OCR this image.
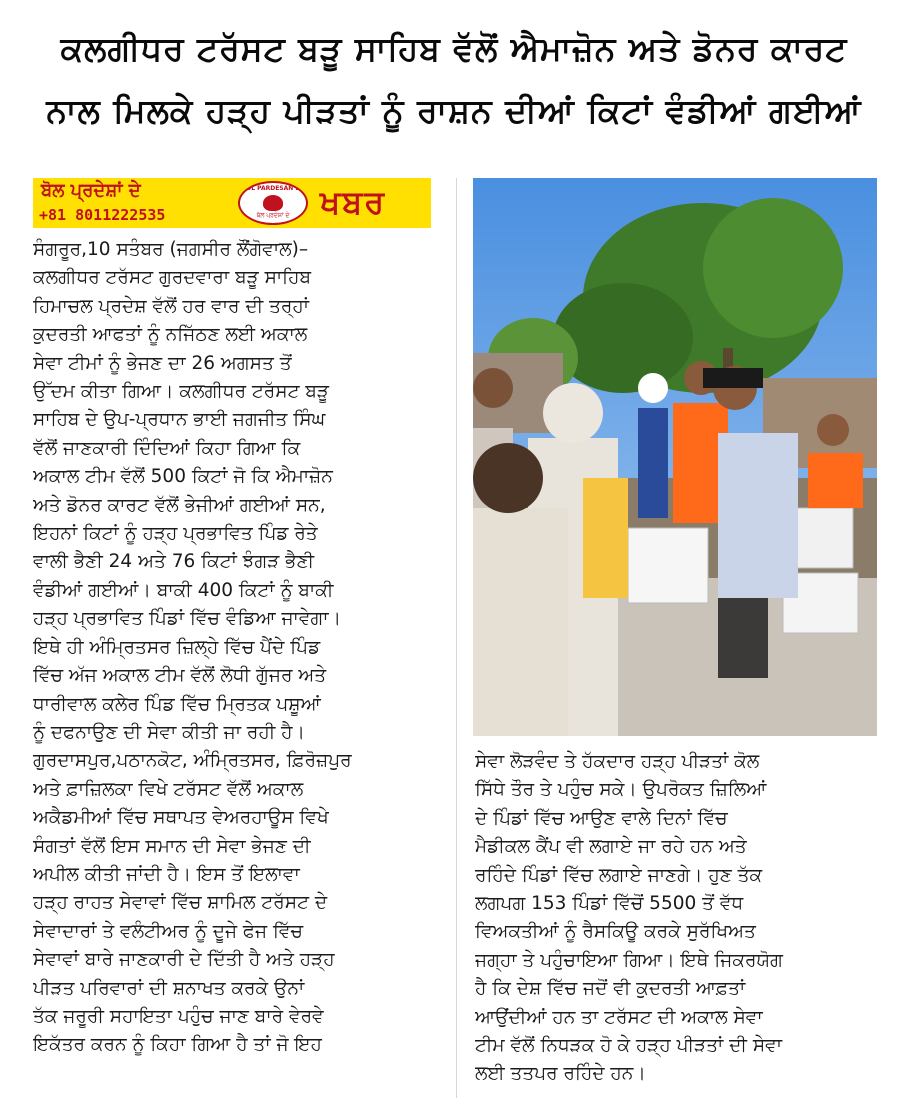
ਕਲਗੀਧਰ ਟਰੱਸਟ ਬੜੂ ਸਾਹਿਬ ਵੱਲੋਂ ਐਮਾਜ਼ੋਨ ਅਤੇ ਡੋਨਰ ਕਾਰਟ
ਨਾਲ ਮਿਲਕੇ ਹੜ੍ਹ ਪੀੜਤਾਂ ਨੂੰ ਰਾਸ਼ਨ ਦੀਆਂ ਕਿਟਾਂ ਵੰਡੀਆਂ ਗਈਆਂ
ਬੋਲ ਪ੍ਰਦੇਸ਼ਾਂ ਦੇ
+81 8011222535
BOL PARDESAN DE
ਬੋਲ ਪ੍ਰਦੇਸ਼ਾਂ ਦੇ ਖਬਰ
ਸੰਗਰੂਰ,10 ਸਤੰਬਰ (ਜਗਸੀਰ ਲੌਂਗੋਵਾਲ)–
ਕਲਗੀਧਰ ਟਰੱਸਟ ਗੁਰਦਵਾਰਾ ਬੜੂ ਸਾਹਿਬ
ਹਿਮਾਚਲ ਪ੍ਰਦੇਸ਼ ਵੱਲੋਂ ਹਰ ਵਾਰ ਦੀ ਤਰ੍ਹਾਂ
ਕੁਦਰਤੀ ਆਫਤਾਂ ਨੂੰ ਨਜਿੱਠਣ ਲਈ ਅਕਾਲ
ਸੇਵਾ ਟੀਮਾਂ ਨੂੰ ਭੇਜਣ ਦਾ 26 ਅਗਸਤ ਤੋਂ
ਉੱਦਮ ਕੀਤਾ ਗਿਆ। ਕਲਗੀਧਰ ਟਰੱਸਟ ਬੜੂ
ਸਾਹਿਬ ਦੇ ਉਪ-ਪ੍ਰਧਾਨ ਭਾਈ ਜਗਜੀਤ ਸਿੰਘ
ਵੱਲੋਂ ਜਾਣਕਾਰੀ ਦਿੰਦਿਆਂ ਕਿਹਾ ਗਿਆ ਕਿ
ਅਕਾਲ ਟੀਮ ਵੱਲੋਂ 500 ਕਿਟਾਂ ਜੋ ਕਿ ਐਮਾਜ਼ੋਨ
ਅਤੇ ਡੋਨਰ ਕਾਰਟ ਵੱਲੋਂ ਭੇਜੀਆਂ ਗਈਆਂ ਸਨ,
ਇਹਨਾਂ ਕਿਟਾਂ ਨੂੰ ਹੜ੍ਹ ਪ੍ਰਭਾਵਿਤ ਪਿੰਡ ਰੇਤੇ
ਵਾਲੀ ਭੈਣੀ 24 ਅਤੇ 76 ਕਿਟਾਂ ਝੰਗੜ ਭੈਣੀ
ਵੰਡੀਆਂ ਗਈਆਂ। ਬਾਕੀ 400 ਕਿਟਾਂ ਨੂੰ ਬਾਕੀ
ਹੜ੍ਹ ਪ੍ਰਭਾਵਿਤ ਪਿੰਡਾਂ ਵਿੱਚ ਵੰਡਿਆ ਜਾਵੇਗਾ।
ਇਥੇ ਹੀ ਅੰਮ੍ਰਿਤਸਰ ਜ਼ਿਲ੍ਹੇ ਵਿੱਚ ਪੈਂਦੇ ਪਿੰਡ
ਵਿੱਚ ਅੱਜ ਅਕਾਲ ਟੀਮ ਵੱਲੋਂ ਲੋਧੀ ਗੁੱਜਰ ਅਤੇ
ਧਾਰੀਵਾਲ ਕਲੇਰ ਪਿੰਡ ਵਿੱਚ ਮ੍ਰਿਤਕ ਪਸ਼ੂਆਂ
ਨੂੰ ਦਫਨਾਉਣ ਦੀ ਸੇਵਾ ਕੀਤੀ ਜਾ ਰਹੀ ਹੈ।
ਗੁਰਦਾਸਪੁਰ,ਪਠਾਨਕੋਟ, ਅੰਮ੍ਰਿਤਸਰ, ਫ਼ਿਰੋਜ਼ਪੁਰ
ਅਤੇ ਫ਼ਾਜ਼ਿਲਕਾ ਵਿਖੇ ਟਰੱਸਟ ਵੱਲੋਂ ਅਕਾਲ
ਅਕੈਡਮੀਆਂ ਵਿੱਚ ਸਥਾਪਤ ਵੇਅਰਹਾਊਸ ਵਿਖੇ
ਸੰਗਤਾਂ ਵੱਲੋਂ ਇਸ ਸਮਾਨ ਦੀ ਸੇਵਾ ਭੇਜਣ ਦੀ
ਅਪੀਲ ਕੀਤੀ ਜਾਂਦੀ ਹੈ। ਇਸ ਤੋਂ ਇਲਾਵਾ
ਹੜ੍ਹ ਰਾਹਤ ਸੇਵਾਵਾਂ ਵਿੱਚ ਸ਼ਾਮਿਲ ਟਰੱਸਟ ਦੇ
ਸੇਵਾਦਾਰਾਂ ਤੇ ਵਲੰਟੀਅਰ ਨੂੰ ਦੂਜੇ ਫੇਜ ਵਿੱਚ
ਸੇਵਾਵਾਂ ਬਾਰੇ ਜਾਣਕਾਰੀ ਦੇ ਦਿੱਤੀ ਹੈ ਅਤੇ ਹੜ੍ਹ
ਪੀੜਤ ਪਰਿਵਾਰਾਂ ਦੀ ਸ਼ਨਾਖਤ ਕਰਕੇ ਉਨਾਂ
ਤੱਕ ਜਰੂਰੀ ਸਹਾਇਤਾ ਪਹੁੰਚ ਜਾਣ ਬਾਰੇ ਵੇਰਵੇ
ਇਕੱਤਰ ਕਰਨ ਨੂੰ ਕਿਹਾ ਗਿਆ ਹੈ ਤਾਂ ਜੋ ਇਹ
ਸੇਵਾ ਲੋੜਵੰਦ ਤੇ ਹੱਕਦਾਰ ਹੜ੍ਹ ਪੀੜਤਾਂ ਕੋਲ
ਸਿੱਧੇ ਤੌਰ ਤੇ ਪਹੁੰਚ ਸਕੇ। ਉਪਰੋਕਤ ਜ਼ਿਲਿਆਂ
ਦੇ ਪਿੰਡਾਂ ਵਿੱਚ ਆਉਣ ਵਾਲੇ ਦਿਨਾਂ ਵਿੱਚ
ਮੈਡੀਕਲ ਕੈਂਪ ਵੀ ਲਗਾਏ ਜਾ ਰਹੇ ਹਨ ਅਤੇ
ਰਹਿੰਦੇ ਪਿੰਡਾਂ ਵਿੱਚ ਲਗਾਏ ਜਾਣਗੇ। ਹੁਣ ਤੱਕ
ਲਗਪਗ 153 ਪਿੰਡਾਂ ਵਿੱਚੋਂ 5500 ਤੋਂ ਵੱਧ
ਵਿਅਕਤੀਆਂ ਨੂੰ ਰੈਸਕਿਊ ਕਰਕੇ ਸੁਰੱਖਿਅਤ
ਜਗ੍ਹਾ ਤੇ ਪਹੁੰਚਾਇਆ ਗਿਆ। ਇਥੇ ਜਿਕਰਯੋਗ
ਹੈ ਕਿ ਦੇਸ਼ ਵਿੱਚ ਜਦੋਂ ਵੀ ਕੁਦਰਤੀ ਆਫ਼ਤਾਂ
ਆਉਂਦੀਆਂ ਹਨ ਤਾ ਟਰੱਸਟ ਦੀ ਅਕਾਲ ਸੇਵਾ
ਟੀਮ ਵੱਲੋਂ ਨਿਧੜਕ ਹੋ ਕੇ ਹੜ੍ਹ ਪੀੜਤਾਂ ਦੀ ਸੇਵਾ
ਲਈ ਤਤਪਰ ਰਹਿੰਦੇ ਹਨ।
